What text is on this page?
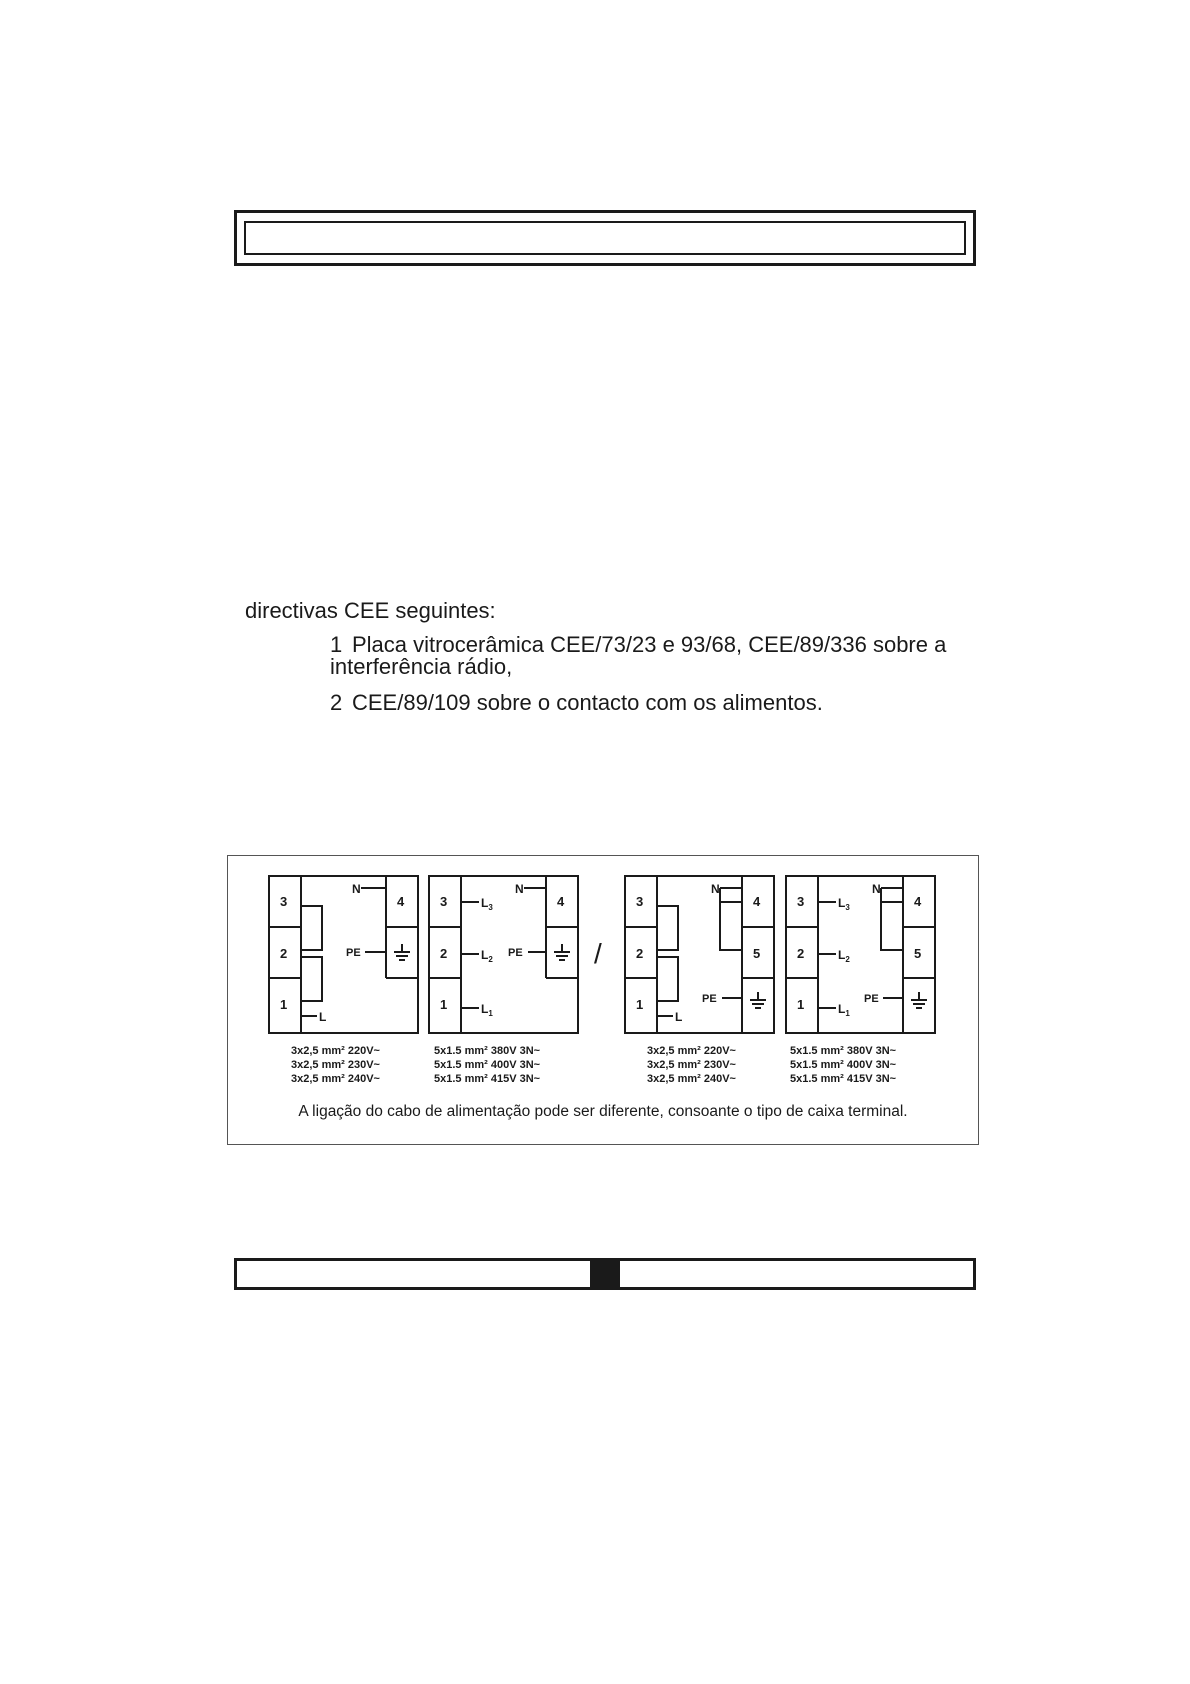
directivas CEE seguintes:

1 Placa vitrocerâmica CEE/73/23 e 93/68, CEE/89/336 sobre a interferência rádio,

2 CEE/89/109 sobre o contacto com os alimentos.

3
2
1
4
N
PE
L
3
2
1
4
N
PE
$L_3$
$L_2$
$L_1$
/
3
2
1
4
5
N
PE
L
3
2
1
4
5
N
PE
$L_3$
$L_2$
$L_1$
3x2,5 mm² 220V~
3x2,5 mm² 230V~
3x2,5 mm² 240V~
5x1.5 mm² 380V 3N~
5x1.5 mm² 400V 3N~
5x1.5 mm² 415V 3N~
3x2,5 mm² 220V~
3x2,5 mm² 230V~
3x2,5 mm² 240V~
5x1.5 mm² 380V 3N~
5x1.5 mm² 400V 3N~
5x1.5 mm² 415V 3N~

A ligação do cabo de alimentação pode ser diferente, consoante o tipo de caixa terminal.
